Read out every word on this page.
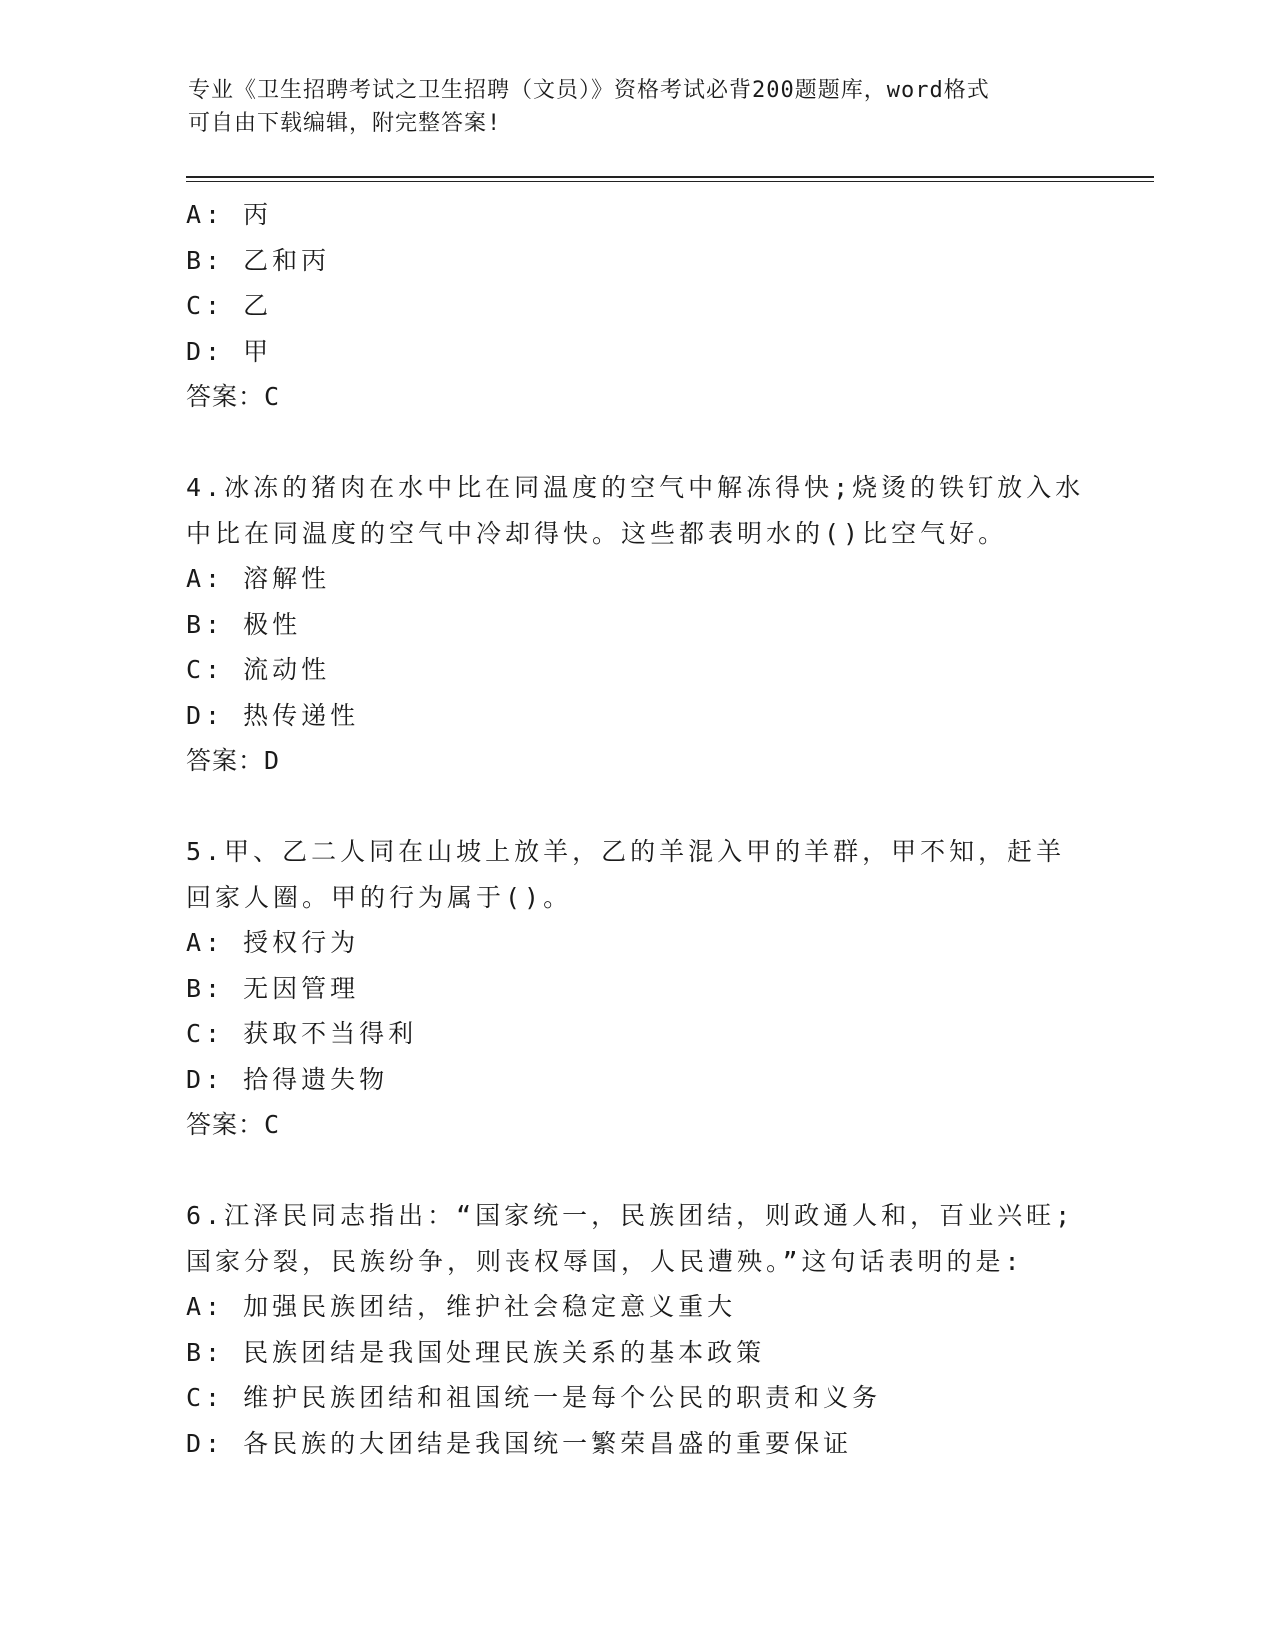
专业《卫生招聘考试之卫生招聘（文员）》资格考试必背200题题库，word格式
可自由下载编辑，附完整答案!
A: 丙
B: 乙和丙
C: 乙
D: 甲
答案：C
4.冰冻的猪肉在水中比在同温度的空气中解冻得快;烧烫的铁钉放入水
中比在同温度的空气中冷却得快。这些都表明水的()比空气好。
A: 溶解性
B: 极性
C: 流动性
D: 热传递性
答案：D
5.甲、乙二人同在山坡上放羊，乙的羊混入甲的羊群，甲不知，赶羊
回家人圈。甲的行为属于()。
A: 授权行为
B: 无因管理
C: 获取不当得利
D: 拾得遗失物
答案：C
6.江泽民同志指出：“国家统一，民族团结，则政通人和，百业兴旺;
国家分裂，民族纷争，则丧权辱国，人民遭殃。”这句话表明的是:
A: 加强民族团结，维护社会稳定意义重大
B: 民族团结是我国处理民族关系的基本政策
C: 维护民族团结和祖国统一是每个公民的职责和义务
D: 各民族的大团结是我国统一繁荣昌盛的重要保证
